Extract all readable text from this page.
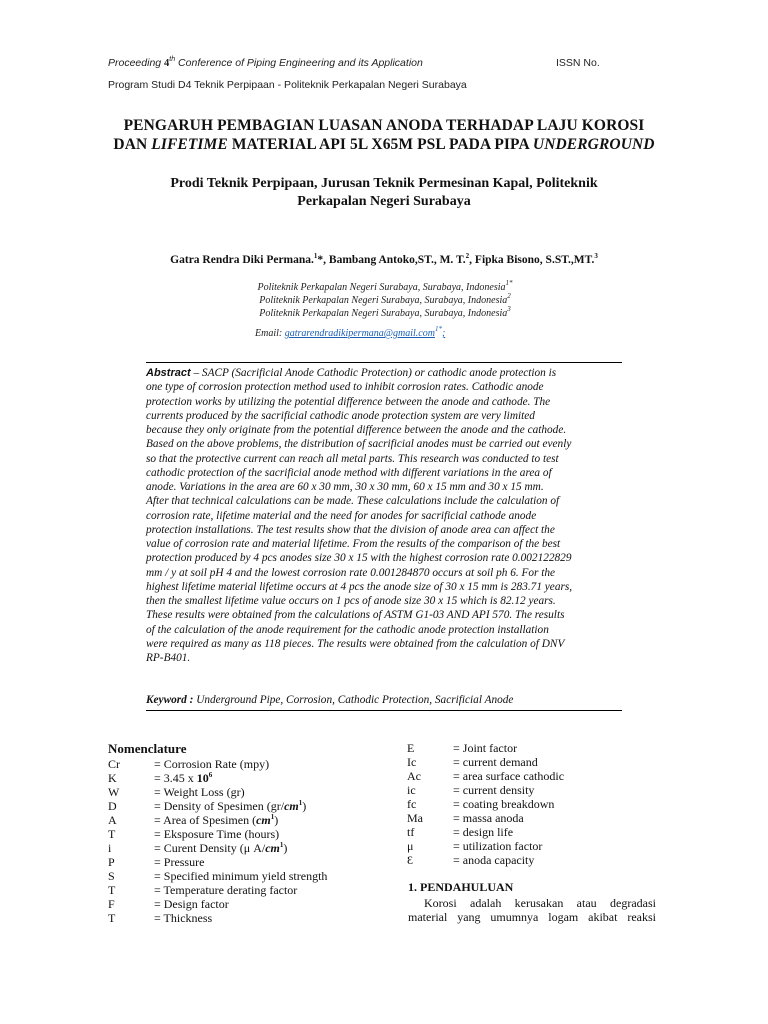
Proceeding 4th Conference of Piping Engineering and its Application	ISSN No.
Program Studi D4 Teknik Perpipaan - Politeknik Perkapalan Negeri Surabaya
PENGARUH PEMBAGIAN LUASAN ANODA TERHADAP LAJU KOROSI
DAN LIFETIME MATERIAL API 5L X65M PSL PADA PIPA UNDERGROUND
Prodi Teknik Perpipaan, Jurusan Teknik Permesinan Kapal, Politeknik
Perkapalan Negeri Surabaya
Gatra Rendra Diki Permana.$^1$*, Bambang Antoko,ST., M. T.$^2$, Fipka Bisono, S.ST.,MT.$^3$
Politeknik Perkapalan Negeri Surabaya, Surabaya, Indonesia$^{1*}$
Politeknik Perkapalan Negeri Surabaya, Surabaya, Indonesia$^2$
Politeknik Perkapalan Negeri Surabaya, Surabaya, Indonesia$^3$
Email: gatrarendradikipermana@gmail.com$^{1*}$;
Abstract – SACP (Sacrificial Anode Cathodic Protection) or cathodic anode protection is
one type of corrosion protection method used to inhibit corrosion rates. Cathodic anode
protection works by utilizing the potential difference between the anode and cathode. The
currents produced by the sacrificial cathodic anode protection system are very limited
because they only originate from the potential difference between the anode and the cathode.
Based on the above problems, the distribution of sacrificial anodes must be carried out evenly
so that the protective current can reach all metal parts. This research was conducted to test
cathodic protection of the sacrificial anode method with different variations in the area of
anode. Variations in the area are 60 x 30 mm, 30 x 30 mm, 60 x 15 mm and 30 x 15 mm.
After that technical calculations can be made. These calculations include the calculation of
corrosion rate, lifetime material and the need for anodes for sacrificial cathode anode
protection installations. The test results show that the division of anode area can affect the
value of corrosion rate and material lifetime. From the results of the comparison of the best
protection produced by 4 pcs anodes size 30 x 15 with the highest corrosion rate 0.002122829
mm / y at soil pH 4 and the lowest corrosion rate 0.001284870 occurs at soil ph 6. For the
highest lifetime material lifetime occurs at 4 pcs the anode size of 30 x 15 mm is 283.71 years,
then the smallest lifetime value occurs on 1 pcs of anode size 30 x 15 which is 82.12 years.
These results were obtained from the calculations of ASTM G1-03 AND API 570. The results
of the calculation of the anode requirement for the cathodic anode protection installation
were required as many as 118 pieces. The results were obtained from the calculation of DNV
RP-B401.
Keyword : Underground Pipe, Corrosion, Cathodic Protection, Sacrificial Anode
Nomenclature
Cr	= Corrosion Rate (mpy)
K	= 3.45 x $10^6$
W	= Weight Loss (gr)
D	= Density of Spesimen $(gr/cm^1)$
A	= Area of Spesimen $(cm^1)$
T	= Eksposure Time (hours)
i	= Curent Density (μ $A/cm^1$)
P	= Pressure
S	= Specified minimum yield strength
T	= Temperature derating factor
F	= Design factor
T	= Thickness
E	= Joint factor
Ic	= current demand
Ac	= area surface cathodic
ic	= current density
fc	= coating breakdown
Ma	= massa anoda
tf	= design life
μ	= utilization factor
Ɛ	= anoda capacity
1. PENDAHULUAN
Korosi adalah kerusakan atau degradasi
material yang umumnya logam akibat reaksi
